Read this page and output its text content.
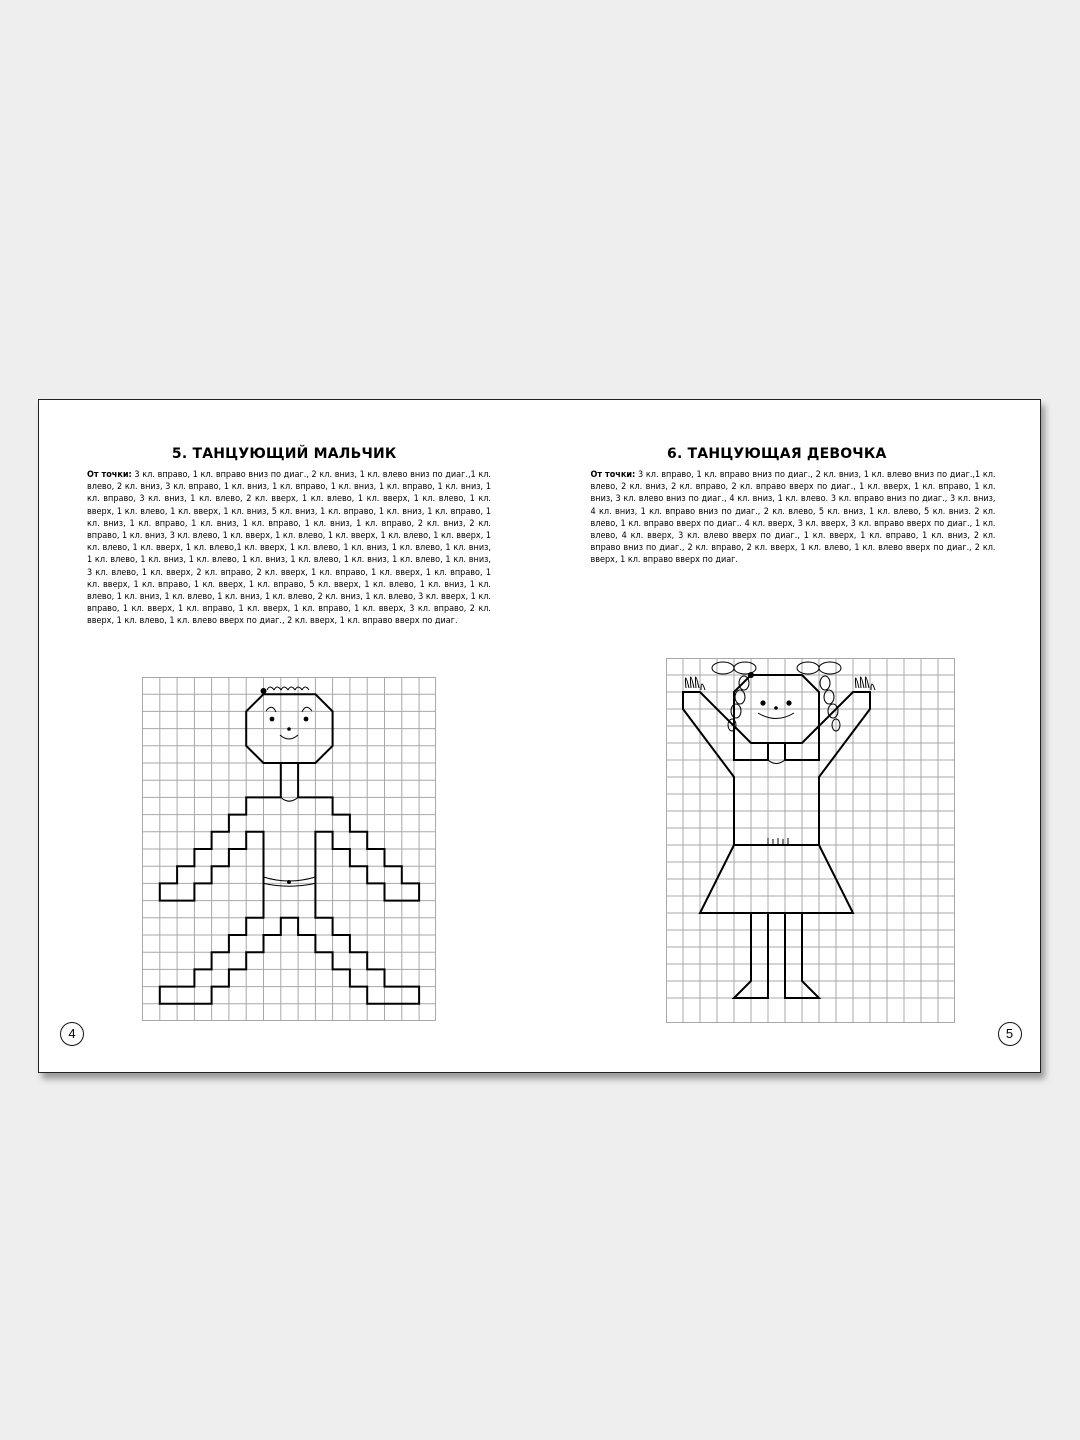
5. ТАНЦУЮЩИЙ МАЛЬЧИК
От точки: 3 кл. вправо, 1 кл. вправо вниз по диаг., 2 кл. вниз, 1 кл. влево вниз по диаг.,1 кл. влево, 2 кл. вниз, 3 кл. вправо, 1 кл. вниз, 1 кл. вправо, 1 кл. вниз, 1 кл. вправо, 1 кл. вниз, 1 кл. вправо, 3 кл. вниз, 1 кл. влево, 2 кл. вверх, 1 кл. влево, 1 кл. вверх, 1 кл. влево, 1 кл. вверх, 1 кл. влево, 1 кл. вверх, 1 кл. вниз, 5 кл. вниз, 1 кл. вправо, 1 кл. вниз, 1 кл. вправо, 1 кл. вниз, 1 кл. вправо, 1 кл. вниз, 1 кл. вправо, 1 кл. вниз, 1 кл. вправо, 2 кл. вниз, 2 кл. вправо, 1 кл. вниз, 3 кл. влево, 1 кл. вверх, 1 кл. влево, 1 кл. вверх, 1 кл. влево, 1 кл. вверх, 1 кл. влево, 1 кл. вверх, 1 кл. влево,1 кл. вверх, 1 кл. влево, 1 кл. вниз, 1 кл. влево, 1 кл. вниз, 1 кл. влево, 1 кл. вниз, 1 кл. влево, 1 кл. вниз, 1 кл. влево, 1 кл. вниз, 1 кл. влево, 1 кл. вниз, 3 кл. влево, 1 кл. вверх, 2 кл. вправо, 2 кл. вверх, 1 кл. вправо, 1 кл. вверх, 1 кл. вправо, 1 кл. вверх, 1 кл. вправо, 1 кл. вверх, 1 кл. вправо, 5 кл. вверх, 1 кл. влево, 1 кл. вниз, 1 кл. влево, 1 кл. вниз, 1 кл. влево, 1 кл. вниз, 1 кл. влево, 2 кл. вниз, 1 кл. влево, 3 кл. вверх, 1 кл. вправо, 1 кл. вверх, 1 кл. вправо, 1 кл. вверх, 1 кл. вправо, 1 кл. вверх, 3 кл. вправо, 2 кл. вверх, 1 кл. влево, 1 кл. влево вверх по диаг., 2 кл. вверх, 1 кл. вправо вверх по диаг.
4
6. ТАНЦУЮЩАЯ ДЕВОЧКА
От точки: 3 кл. вправо, 1 кл. вправо вниз по диаг., 2 кл. вниз, 1 кл. влево вниз по диаг.,1 кл. влево, 2 кл. вниз, 2 кл. вправо, 2 кл. вправо вверх по диаг., 1 кл. вверх, 1 кл. вправо, 1 кл. вниз, 3 кл. влево вниз по диаг., 4 кл. вниз, 1 кл. влево. 3 кл. вправо вниз по диаг., 3 кл. вниз, 4 кл. вниз, 1 кл. вправо вниз по диаг., 2 кл. влево, 5 кл. вниз, 1 кл. влево, 5 кл. вниз. 2 кл. влево, 1 кл. вправо вверх по диаг.. 4 кл. вверх, 3 кл. вверх, 3 кл. вправо вверх по диаг., 1 кл. влево, 4 кл. вверх, 3 кл. влево вверх по диаг., 1 кл. вверх, 1 кл. вправо, 1 кл. вниз, 2 кл. вправо вниз по диаг., 2 кл. вправо, 2 кл. вверх, 1 кл. влево, 1 кл. влево вверх по диаг., 2 кл. вверх, 1 кл. вправо вверх по диаг.
5
